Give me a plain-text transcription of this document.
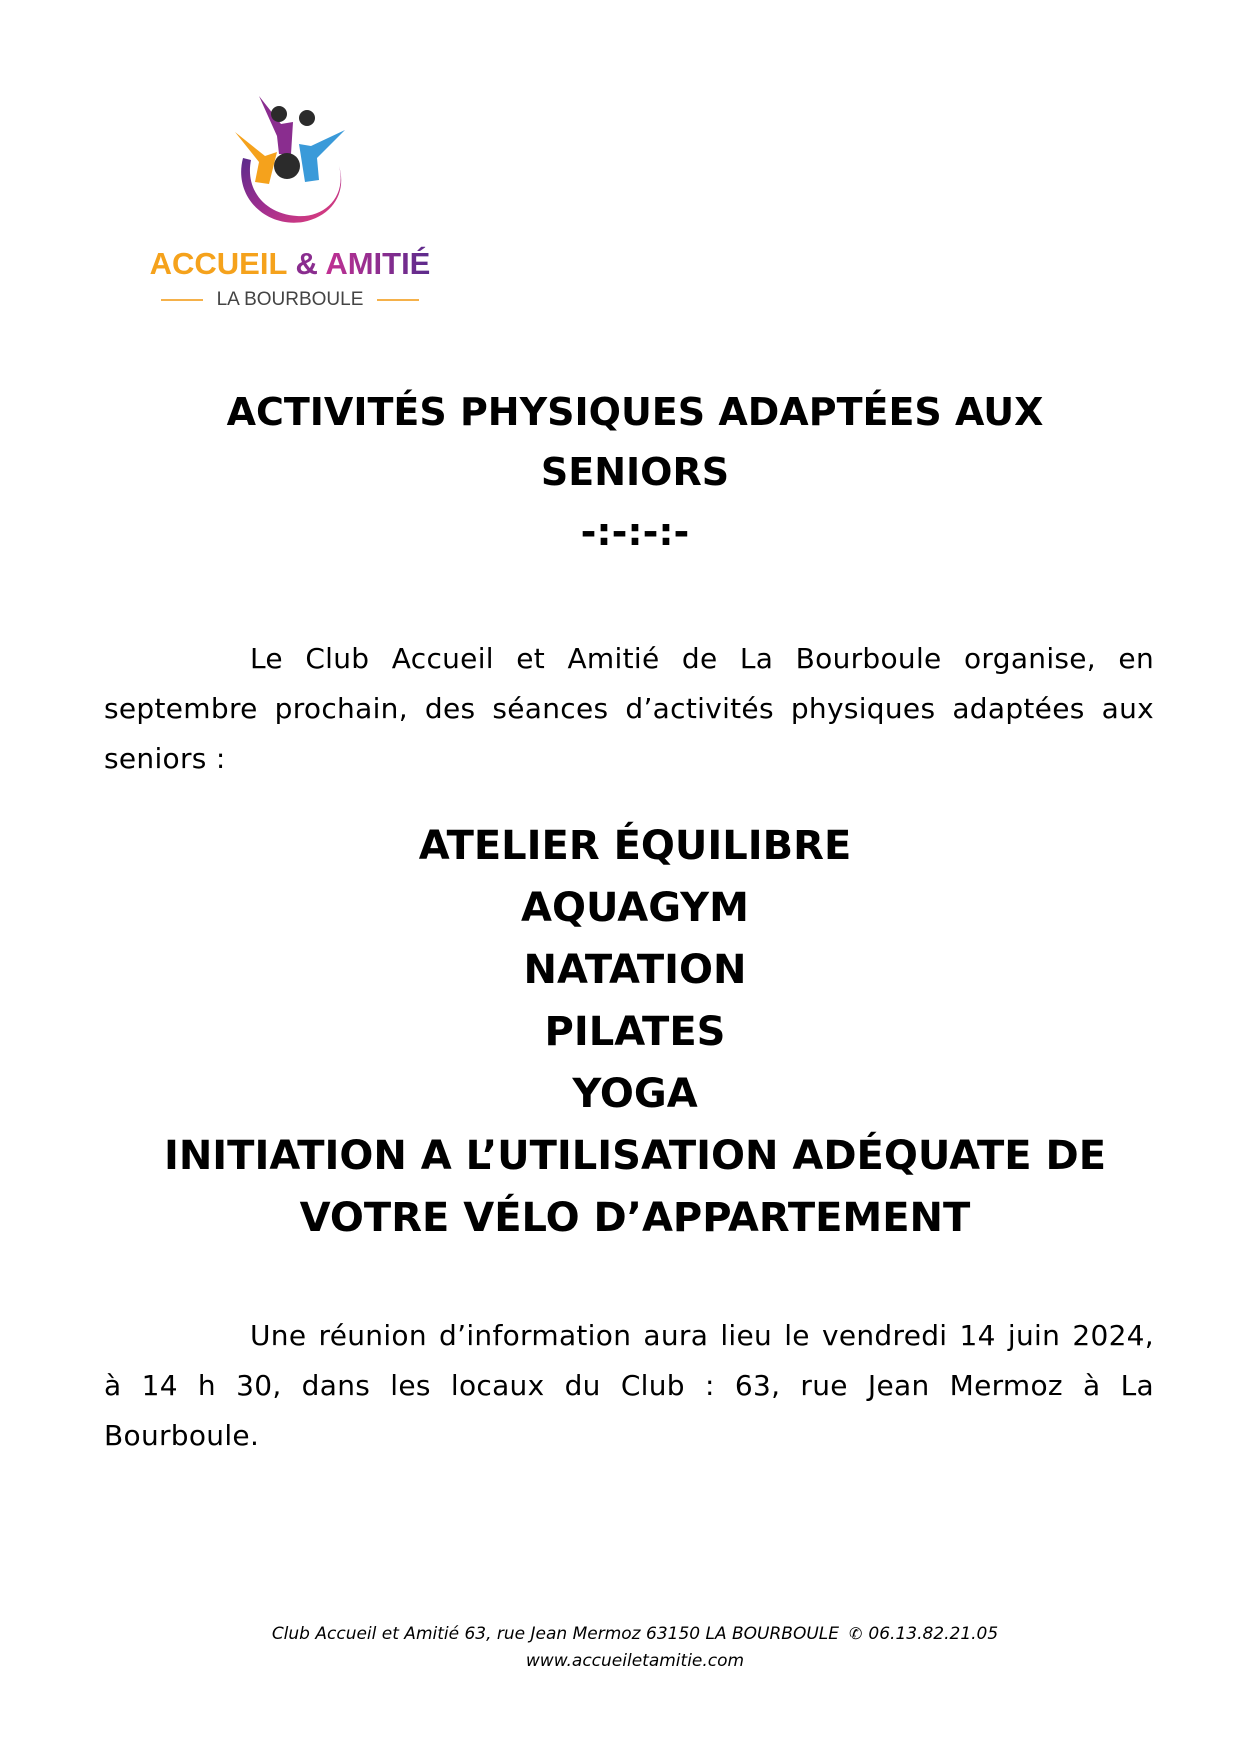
ACCUEIL & AMITIÉ
LA BOURBOULE
ACTIVITÉS PHYSIQUES ADAPTÉES AUX
SENIORS
-:-:-:-

Le Club Accueil et Amitié de La Bourboule organise, en septembre prochain, des séances d’activités physiques adaptées aux seniors :

ATELIER ÉQUILIBRE
AQUAGYM
NATATION
PILATES
YOGA
INITIATION A L’UTILISATION ADÉQUATE DE
VOTRE VÉLO D’APPARTEMENT

Une réunion d’information aura lieu le vendredi 14 juin 2024, à 14 h 30, dans les locaux du Club : 63, rue Jean Mermoz à La Bourboule.

Club Accueil et Amitié 63, rue Jean Mermoz 63150 LA BOURBOULE ✆ 06.13.82.21.05
www.accueiletamitie.com
